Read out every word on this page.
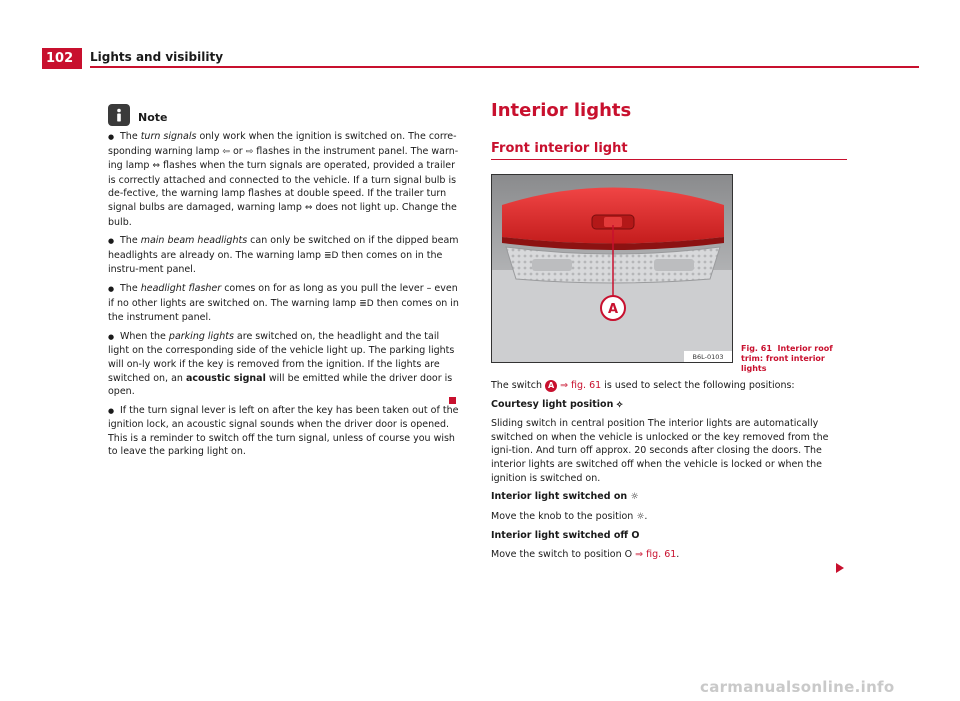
102 Lights and visibility
Note
● The turn signals only work when the ignition is switched on. The corre-sponding warning lamp ⇦ or ⇨ flashes in the instrument panel. The warn-ing lamp ⇔ flashes when the turn signals are operated, provided a trailer is correctly attached and connected to the vehicle. If a turn signal bulb is de-fective, the warning lamp flashes at double speed. If the trailer turn signal bulbs are damaged, warning lamp ⇔ does not light up. Change the bulb.
● The main beam headlights can only be switched on if the dipped beam headlights are already on. The warning lamp ≣D then comes on in the instru-ment panel.
● The headlight flasher comes on for as long as you pull the lever – even if no other lights are switched on. The warning lamp ≣D then comes on in the instrument panel.
● When the parking lights are switched on, the headlight and the tail light on the corresponding side of the vehicle light up. The parking lights will on-ly work if the key is removed from the ignition. If the lights are switched on, an acoustic signal will be emitted while the driver door is open.
● If the turn signal lever is left on after the key has been taken out of the ignition lock, an acoustic signal sounds when the driver door is opened. This is a reminder to switch off the turn signal, unless of course you wish to leave the parking light on.
Interior lights
Front interior light
A
B6L-0103
Fig. 61 Interior roof trim: front interior lights

The switch A ⇒ fig. 61 is used to select the following positions:

Courtesy light position ⟡

Sliding switch in central position The interior lights are automatically switched on when the vehicle is unlocked or the key removed from the igni-tion. And turn off approx. 20 seconds after closing the doors. The interior lights are switched off when the vehicle is locked or when the ignition is switched on.

Interior light switched on ☼

Move the knob to the position ☼.

Interior light switched off O

Move the switch to position O ⇒ fig. 61.

carmanualsonline.info
